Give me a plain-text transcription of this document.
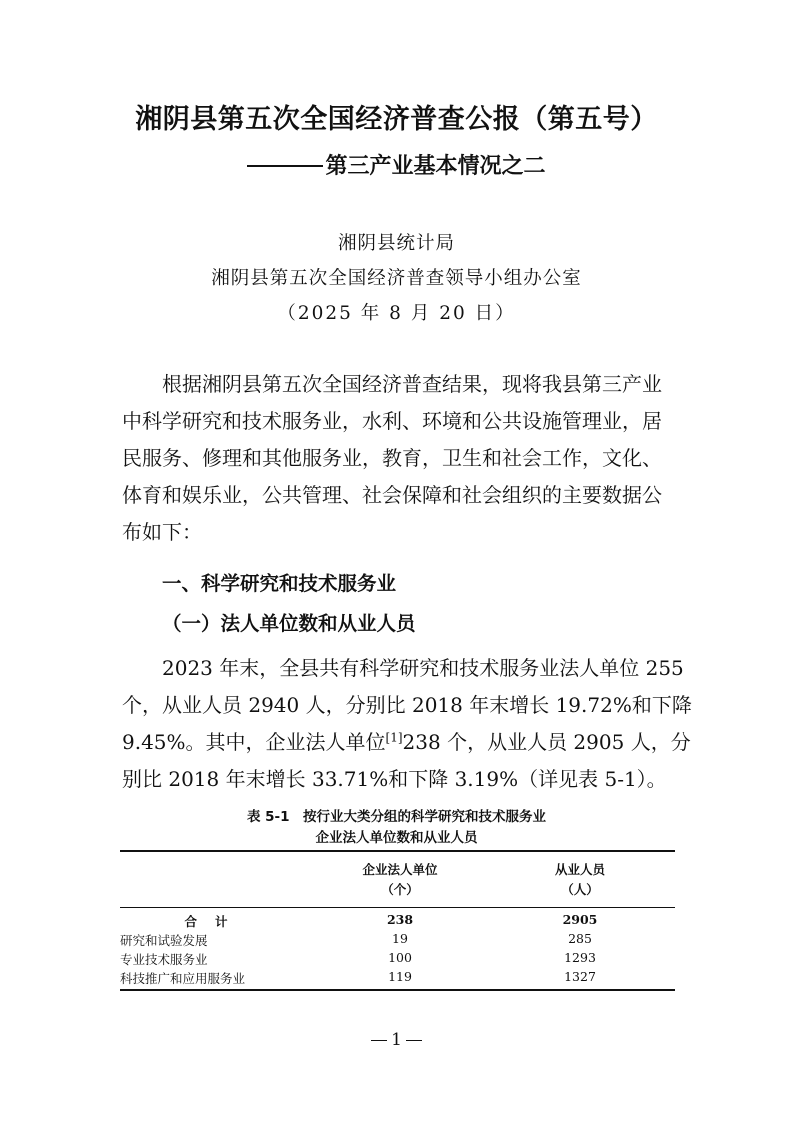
湘阴县第五次全国经济普查公报（第五号）
第三产业基本情况之二
湘阴县统计局
湘阴县第五次全国经济普查领导小组办公室
（2025 年 8 月 20 日）
根据湘阴县第五次全国经济普查结果，现将我县第三产业
中科学研究和技术服务业，水利、环境和公共设施管理业，居
民服务、修理和其他服务业，教育，卫生和社会工作，文化、
体育和娱乐业，公共管理、社会保障和社会组织的主要数据公
布如下：
一、科学研究和技术服务业
（一）法人单位数和从业人员
2023 年末，全县共有科学研究和技术服务业法人单位 255
个，从业人员 2940 人，分别比 2018 年末增长 19.72%和下降
9.45%。其中，企业法人单位[1]238 个，从业人员 2905 人，分
别比 2018 年末增长 33.71%和下降 3.19%（详见表 5-1）。
表 5-1　按行业大类分组的科学研究和技术服务业
企业法人单位数和从业人员
企业法人单位
（个）
从业人员
（人）
合计	238	2905
研究和试验发展	19	285
专业技术服务业	100	1293
科技推广和应用服务业	119	1327
1
